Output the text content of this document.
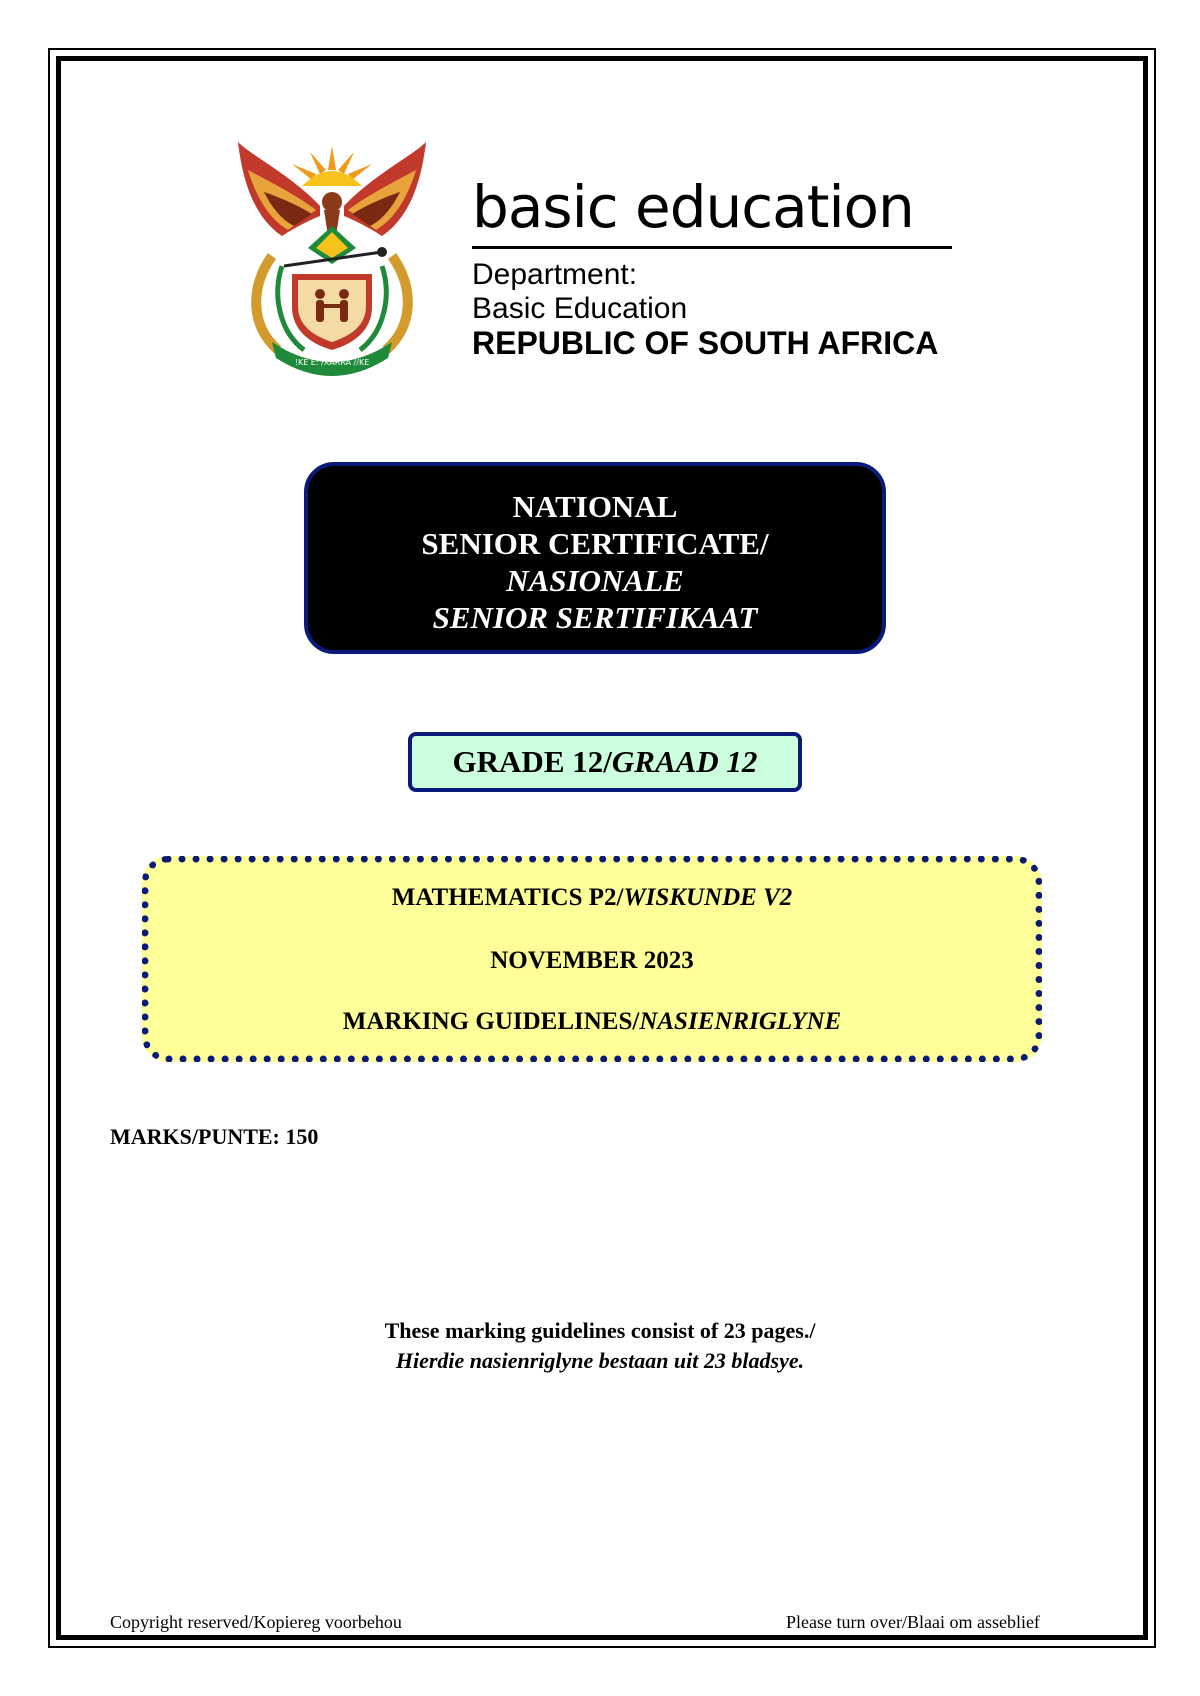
!KE E: /XARRA //KE
basic education
Department:
Basic Education
REPUBLIC OF SOUTH AFRICA
NATIONAL
SENIOR CERTIFICATE/
NASIONALE
SENIOR SERTIFIKAAT
GRADE 12/GRAAD 12
MATHEMATICS P2/WISKUNDE V2
NOVEMBER 2023
MARKING GUIDELINES/NASIENRIGLYNE
MARKS/PUNTE: 150
These marking guidelines consist of 23 pages./
Hierdie nasienriglyne bestaan uit 23 bladsye.
Copyright reserved/Kopiereg voorbehou	Please turn over/Blaai om asseblief
